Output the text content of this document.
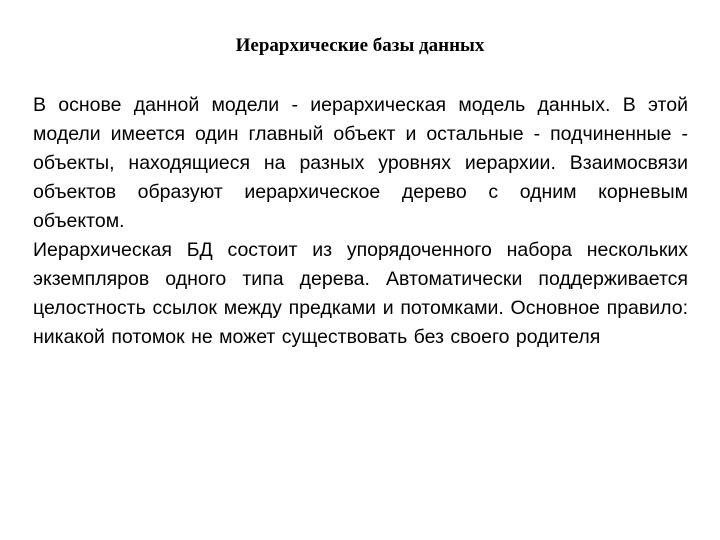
Иерархические базы данных

В основе данной модели - иерархическая модель данных. В этой модели имеется один главный объект и остальные - подчиненные - объекты, находящиеся на разных уровнях иерархии. Взаимосвязи объектов образуют иерархическое дерево с одним корневым объектом.

Иерархическая БД состоит из упорядоченного набора нескольких экземпляров одного типа дерева. Автоматически поддерживается целостность ссылок между предками и потомками. Основное правило: никакой потомок не может существовать без своего родителя
